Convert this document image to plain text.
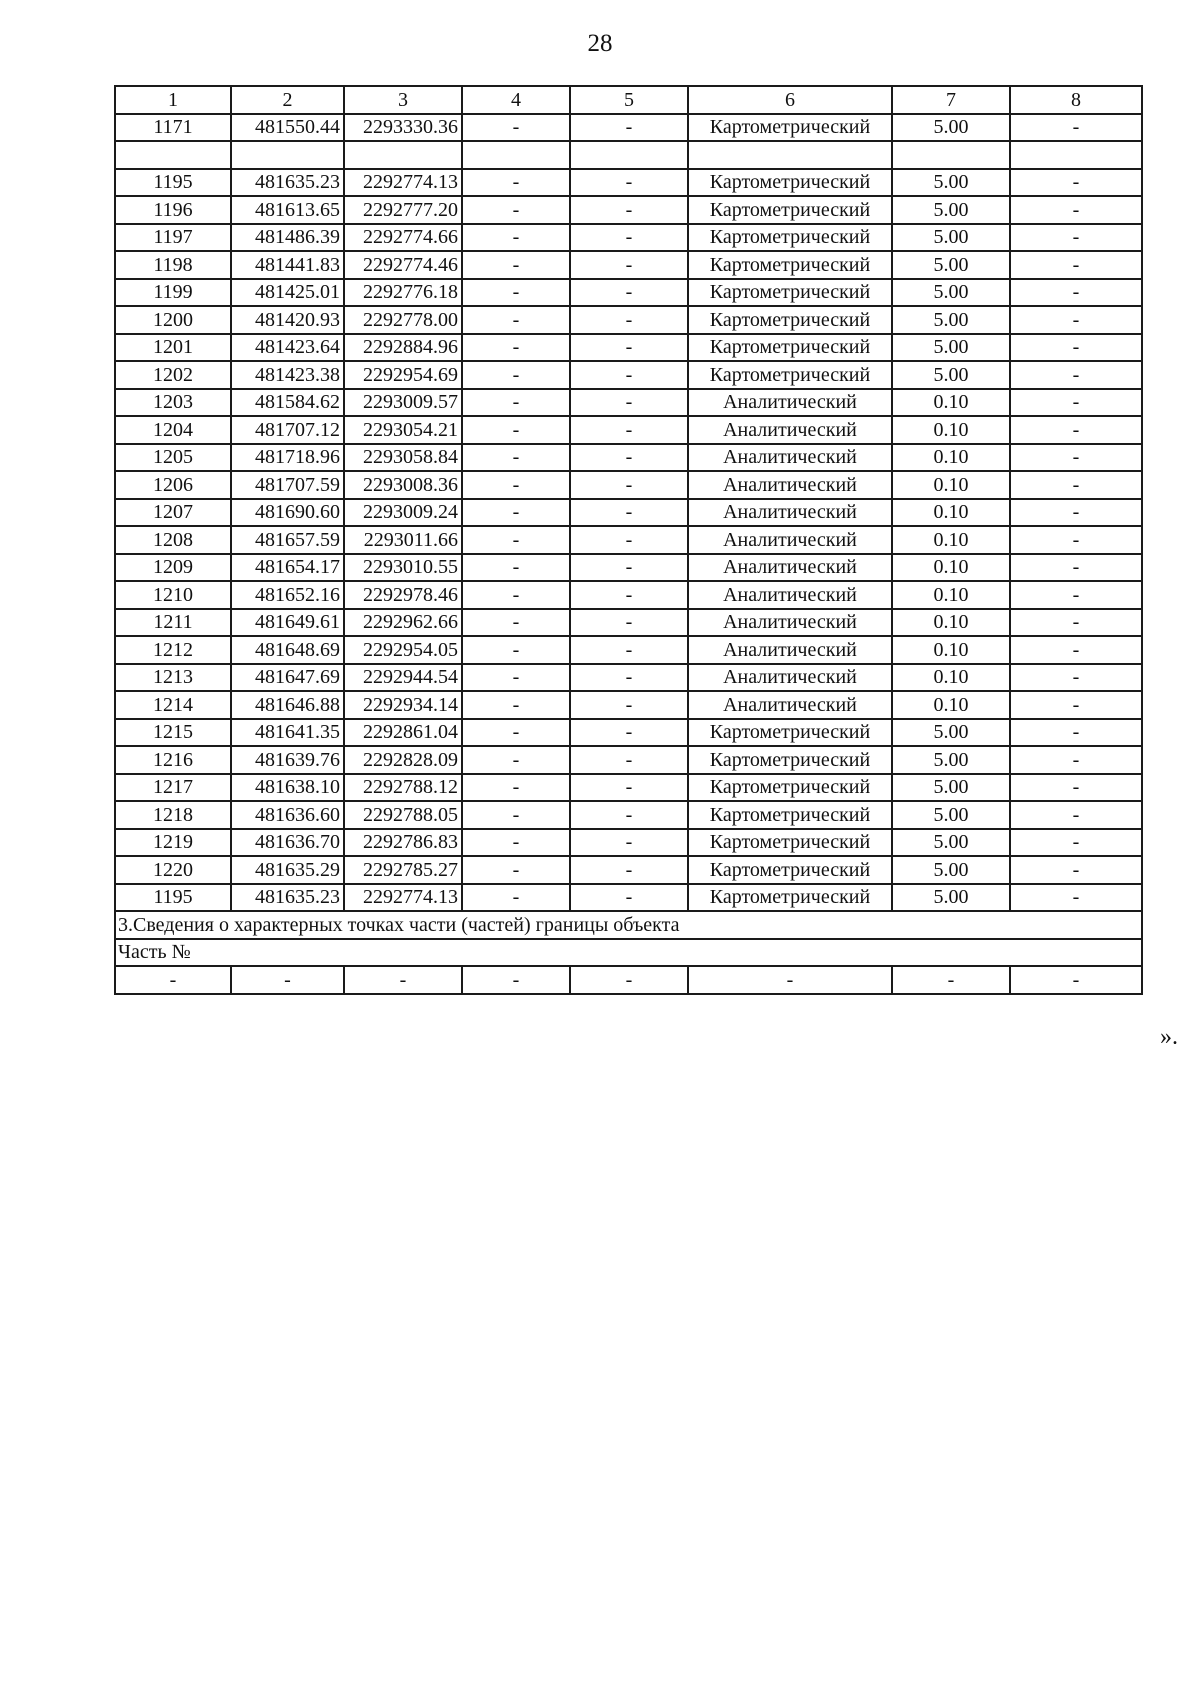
28
1	2	3	4	5	6	7	8
1171	481550.44	2293330.36	-	-	Картометрический	5.00	-

1195	481635.23	2292774.13	-	-	Картометрический	5.00	-
1196	481613.65	2292777.20	-	-	Картометрический	5.00	-
1197	481486.39	2292774.66	-	-	Картометрический	5.00	-
1198	481441.83	2292774.46	-	-	Картометрический	5.00	-
1199	481425.01	2292776.18	-	-	Картометрический	5.00	-
1200	481420.93	2292778.00	-	-	Картометрический	5.00	-
1201	481423.64	2292884.96	-	-	Картометрический	5.00	-
1202	481423.38	2292954.69	-	-	Картометрический	5.00	-
1203	481584.62	2293009.57	-	-	Аналитический	0.10	-
1204	481707.12	2293054.21	-	-	Аналитический	0.10	-
1205	481718.96	2293058.84	-	-	Аналитический	0.10	-
1206	481707.59	2293008.36	-	-	Аналитический	0.10	-
1207	481690.60	2293009.24	-	-	Аналитический	0.10	-
1208	481657.59	2293011.66	-	-	Аналитический	0.10	-
1209	481654.17	2293010.55	-	-	Аналитический	0.10	-
1210	481652.16	2292978.46	-	-	Аналитический	0.10	-
1211	481649.61	2292962.66	-	-	Аналитический	0.10	-
1212	481648.69	2292954.05	-	-	Аналитический	0.10	-
1213	481647.69	2292944.54	-	-	Аналитический	0.10	-
1214	481646.88	2292934.14	-	-	Аналитический	0.10	-
1215	481641.35	2292861.04	-	-	Картометрический	5.00	-
1216	481639.76	2292828.09	-	-	Картометрический	5.00	-
1217	481638.10	2292788.12	-	-	Картометрический	5.00	-
1218	481636.60	2292788.05	-	-	Картометрический	5.00	-
1219	481636.70	2292786.83	-	-	Картометрический	5.00	-
1220	481635.29	2292785.27	-	-	Картометрический	5.00	-
1195	481635.23	2292774.13	-	-	Картометрический	5.00	-
3.Сведения о характерных точках части (частей) границы объекта							
Часть №							
-	-	-	-	-	-	-	-
».
